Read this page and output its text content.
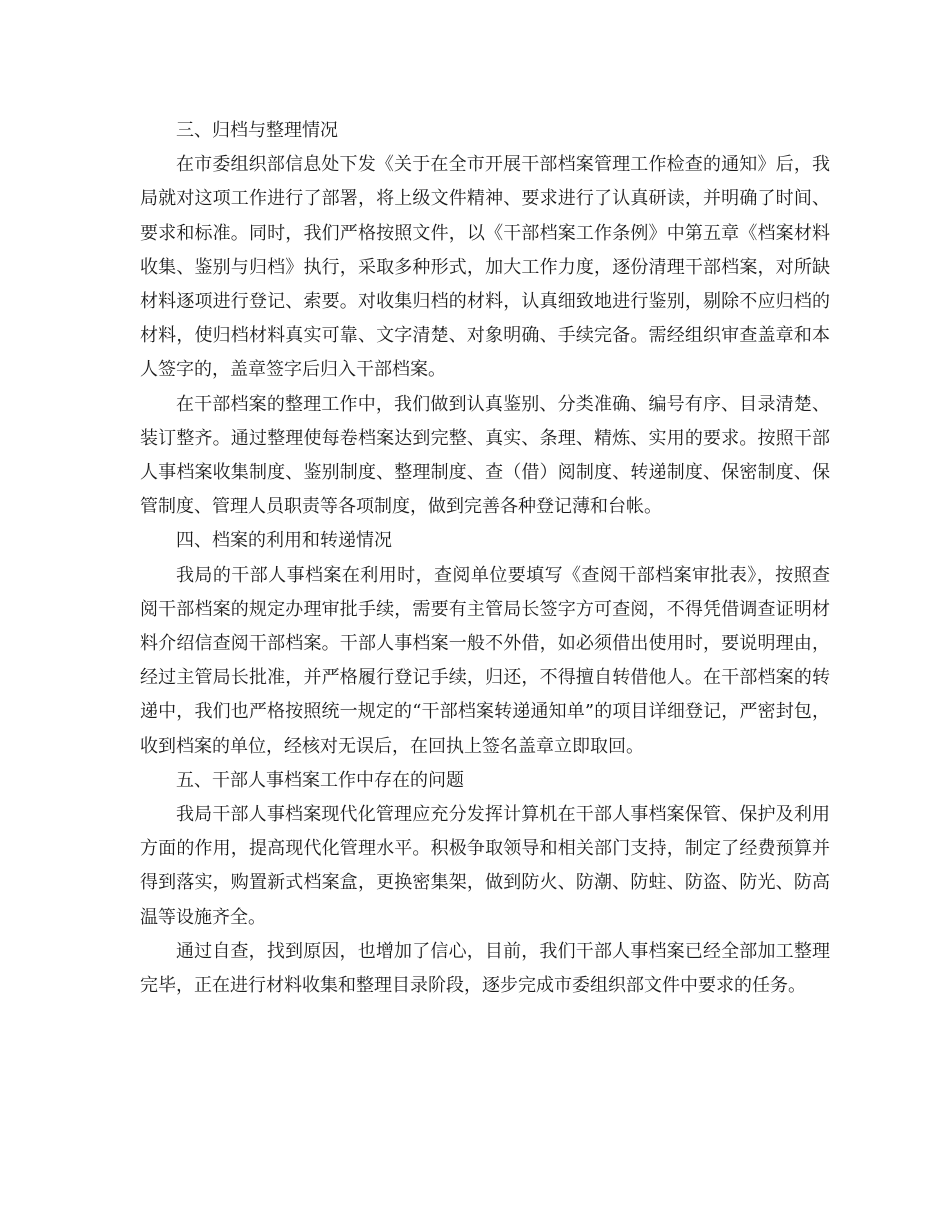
三、归档与整理情况

在市委组织部信息处下发《关于在全市开展干部档案管理工作检查的通知》后，我局就对这项工作进行了部署，将上级文件精神、要求进行了认真研读，并明确了时间、要求和标准。同时，我们严格按照文件，以《干部档案工作条例》中第五章《档案材料收集、鉴别与归档》执行，采取多种形式，加大工作力度，逐份清理干部档案，对所缺材料逐项进行登记、索要。对收集归档的材料，认真细致地进行鉴别，剔除不应归档的材料，使归档材料真实可靠、文字清楚、对象明确、手续完备。需经组织审查盖章和本人签字的，盖章签字后归入干部档案。

在干部档案的整理工作中，我们做到认真鉴别、分类准确、编号有序、目录清楚、装订整齐。通过整理使每卷档案达到完整、真实、条理、精炼、实用的要求。按照干部人事档案收集制度、鉴别制度、整理制度、查（借）阅制度、转递制度、保密制度、保管制度、管理人员职责等各项制度，做到完善各种登记薄和台帐。

四、档案的利用和转递情况

我局的干部人事档案在利用时，查阅单位要填写《查阅干部档案审批表》，按照查阅干部档案的规定办理审批手续，需要有主管局长签字方可查阅，不得凭借调查证明材料介绍信查阅干部档案。干部人事档案一般不外借，如必须借出使用时，要说明理由，经过主管局长批准，并严格履行登记手续，归还，不得擅自转借他人。在干部档案的转递中，我们也严格按照统一规定的“干部档案转递通知单”的项目详细登记，严密封包，收到档案的单位，经核对无误后，在回执上签名盖章立即取回。

五、干部人事档案工作中存在的问题

我局干部人事档案现代化管理应充分发挥计算机在干部人事档案保管、保护及利用方面的作用，提高现代化管理水平。积极争取领导和相关部门支持，制定了经费预算并得到落实，购置新式档案盒，更换密集架，做到防火、防潮、防蛀、防盗、防光、防高温等设施齐全。

通过自查，找到原因，也增加了信心，目前，我们干部人事档案已经全部加工整理完毕，正在进行材料收集和整理目录阶段，逐步完成市委组织部文件中要求的任务。
